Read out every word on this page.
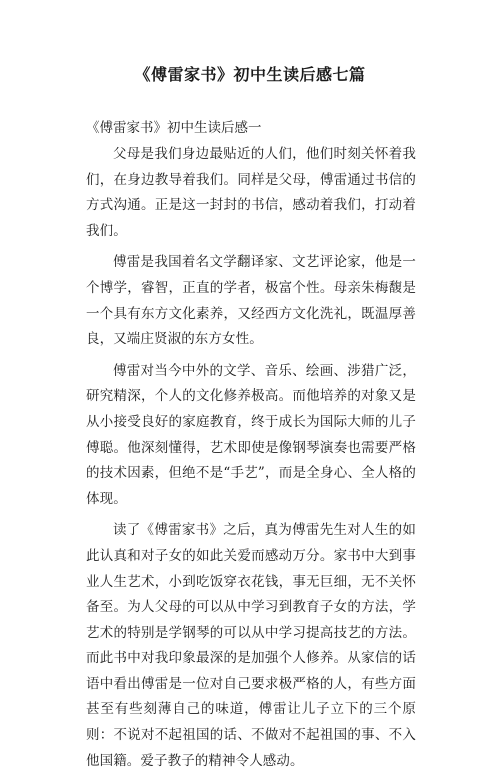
《傅雷家书》初中生读后感七篇

《傅雷家书》初中生读后感一

父母是我们身边最贴近的人们，他们时刻关怀着我们，在身边教导着我们。同样是父母，傅雷通过书信的方式沟通。正是这一封封的书信，感动着我们，打动着我们。

傅雷是我国着名文学翻译家、文艺评论家，他是一个博学，睿智，正直的学者，极富个性。母亲朱梅馥是一个具有东方文化素养，又经西方文化洗礼，既温厚善良，又端庄贤淑的东方女性。

傅雷对当今中外的文学、音乐、绘画、涉猎广泛，研究精深，个人的文化修养极高。而他培养的对象又是从小接受良好的家庭教育，终于成长为国际大师的儿子傅聪。他深刻懂得，艺术即使是像钢琴演奏也需要严格的技术因素，但绝不是“手艺”，而是全身心、全人格的体现。

读了《傅雷家书》之后，真为傅雷先生对人生的如此认真和对子女的如此关爱而感动万分。家书中大到事业人生艺术，小到吃饭穿衣花钱，事无巨细，无不关怀备至。为人父母的可以从中学习到教育子女的方法，学艺术的特别是学钢琴的可以从中学习提高技艺的方法。而此书中对我印象最深的是加强个人修养。从家信的话语中看出傅雷是一位对自己要求极严格的人，有些方面甚至有些刻薄自己的味道，傅雷让儿子立下的三个原则：不说对不起祖国的话、不做对不起祖国的事、不入他国籍。爱子教子的精神令人感动。
